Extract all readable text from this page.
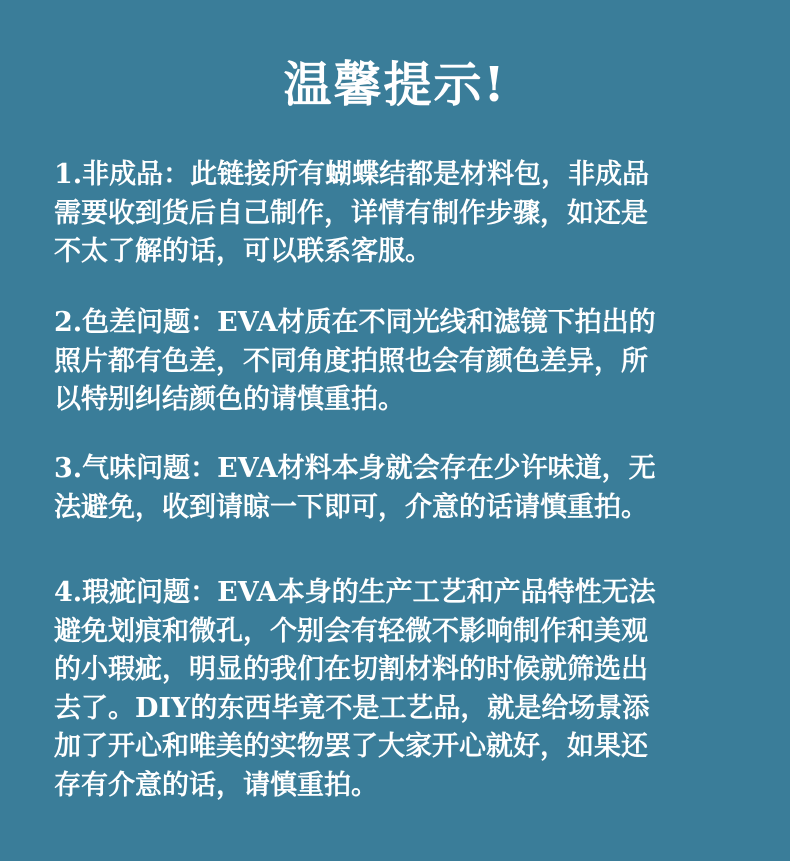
温馨提示!

1.非成品：此链接所有蝴蝶结都是材料包，非成品
需要收到货后自己制作，详情有制作步骤，如还是
不太了解的话，可以联系客服。

2.色差问题：EVA材质在不同光线和滤镜下拍出的
照片都有色差，不同角度拍照也会有颜色差异，所
以特别纠结颜色的请慎重拍。

3.气味问题：EVA材料本身就会存在少许味道，无
法避免，收到请晾一下即可，介意的话请慎重拍。

4.瑕疵问题：EVA本身的生产工艺和产品特性无法
避免划痕和微孔，个别会有轻微不影响制作和美观
的小瑕疵，明显的我们在切割材料的时候就筛选出
去了。DIY的东西毕竟不是工艺品，就是给场景添
加了开心和唯美的实物罢了大家开心就好，如果还
存有介意的话，请慎重拍。
